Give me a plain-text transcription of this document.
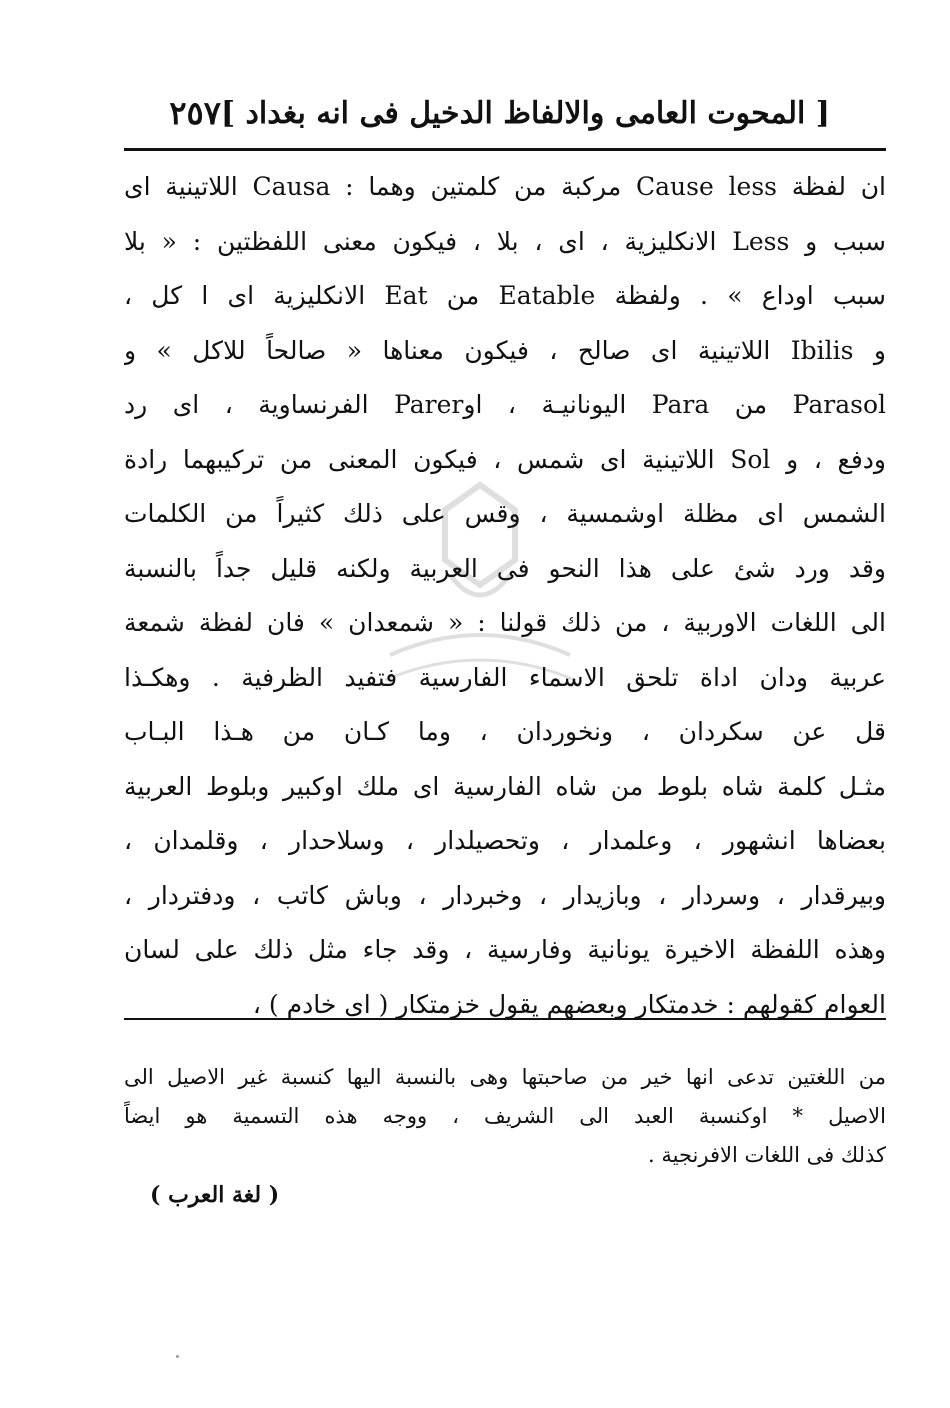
[ المحوت العامى والالفاظ الدخيل فى انه بغداد ]
٢٥٧
ان لفظة Cause less مركبة من كلمتين وهما : Causa اللاتينية اى
سبب و Less الانكليزية ، اى ، بلا ، فيكون معنى اللفظتين : « بلا
سبب اوداع » . ولفظة Eatable من Eat الانكليزية اى ا كل ،
و Ibilis اللاتينية اى صالح ، فيكون معناها « صالحاً للاكل » و
Parasol من Para اليونانيـة ، اوParer الفرنساوية ، اى رد
ودفع ، و Sol اللاتينية اى شمس ، فيكون المعنى من تركيبهما رادة
الشمس اى مظلة اوشمسية ، وقس على ذلك كثيراً من الكلمات
وقد ورد شئ على هذا النحو فى العربية ولكنه قليل جداً بالنسبة
الى اللغات الاوربية ، من ذلك قولنا : « شمعدان » فان لفظة شمعة
عربية ودان اداة تلحق الاسماء الفارسية فتفيد الظرفية . وهكـذا
قل عن سكردان ، ونخوردان ، وما كـان من هـذا البـاب
مثـل كلمة شاه بلوط من شاه الفارسية اى ملك اوكبير وبلوط العربية
بعضاها انشهور ، وعلمدار ، وتحصيلدار ، وسلاحدار ، وقلمدان ،
وبيرقدار ، وسردار ، وبازيدار ، وخبردار ، وباش كاتب ، ودفتردار ،
وهذه اللفظة الاخيرة يونانية وفارسية ، وقد جاء مثل ذلك على لسان
العوام كقولهم : خدمتكار وبعضهم يقول خزمتكار ( اى خادم ) ،
من اللغتين تدعى انها خير من صاحبتها وهى بالنسبة اليها كنسبة غير الاصيل الى
الاصيل * اوكنسبة العبد الى الشريف ، ووجه هذه التسمية هو ايضاً
كذلك فى اللغات الافرنجية .
( لغة العرب )
